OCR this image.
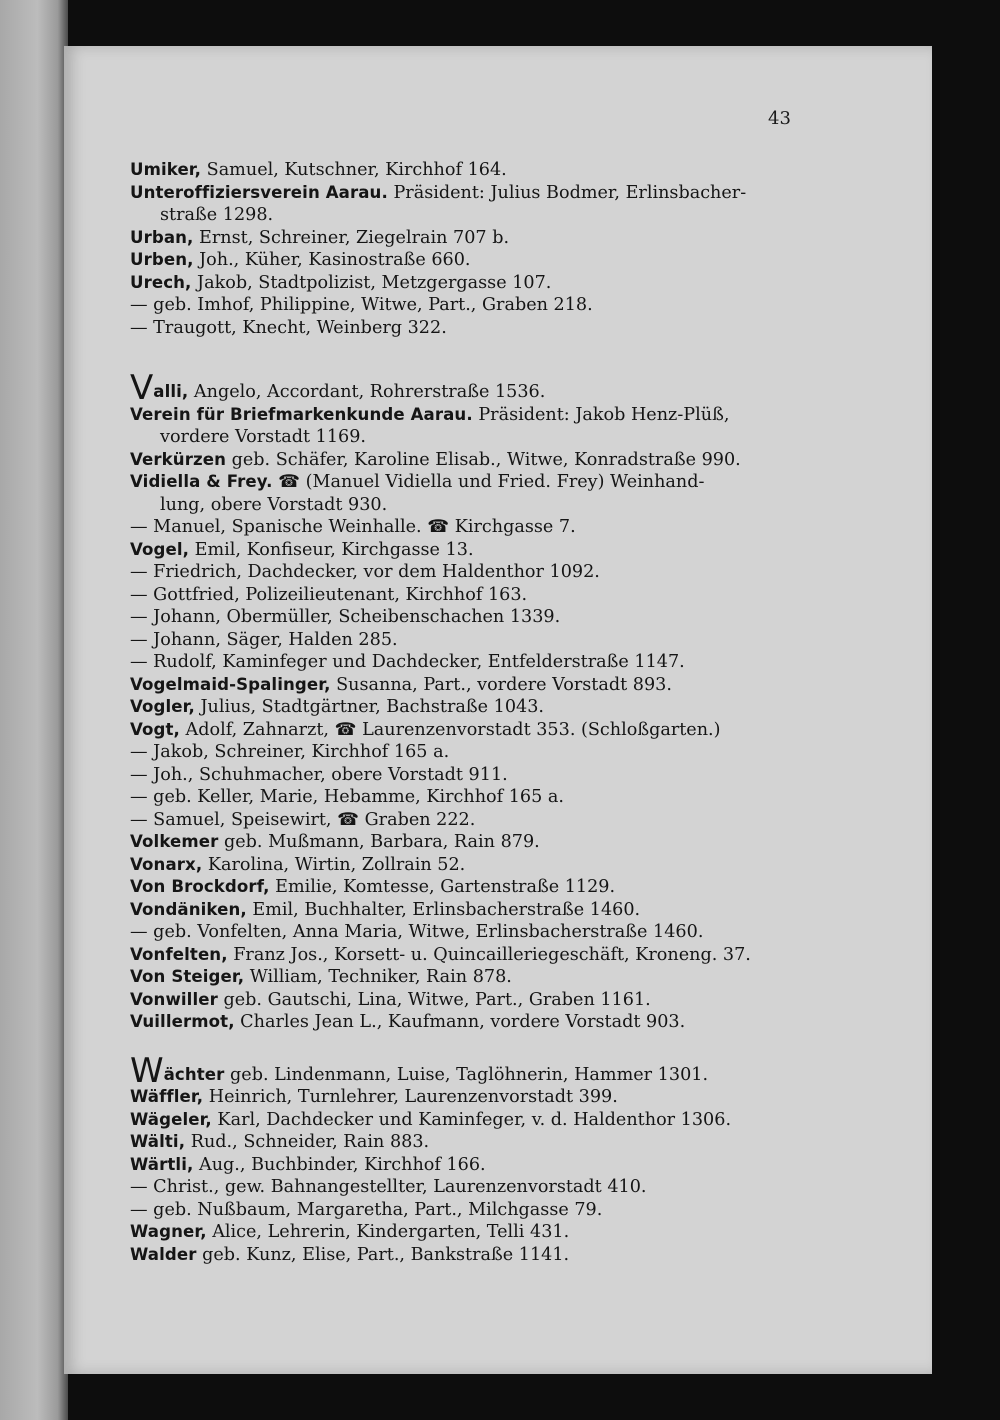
43
Umiker, Samuel, Kutschner, Kirchhof 164.
Unteroffiziersverein Aarau. Präsident: Julius Bodmer, Erlinsbacher-
straße 1298.
Urban, Ernst, Schreiner, Ziegelrain 707 b.
Urben, Joh., Küher, Kasinostraße 660.
Urech, Jakob, Stadtpolizist, Metzgergasse 107.
— geb. Imhof, Philippine, Witwe, Part., Graben 218.
— Traugott, Knecht, Weinberg 322.
Valli, Angelo, Accordant, Rohrerstraße 1536.
Verein für Briefmarkenkunde Aarau. Präsident: Jakob Henz-Plüß,
vordere Vorstadt 1169.
Verkürzen geb. Schäfer, Karoline Elisab., Witwe, Konradstraße 990.
Vidiella & Frey. ☎ (Manuel Vidiella und Fried. Frey) Weinhand-
lung, obere Vorstadt 930.
— Manuel, Spanische Weinhalle. ☎ Kirchgasse 7.
Vogel, Emil, Konfiseur, Kirchgasse 13.
— Friedrich, Dachdecker, vor dem Haldenthor 1092.
— Gottfried, Polizeilieutenant, Kirchhof 163.
— Johann, Obermüller, Scheibenschachen 1339.
— Johann, Säger, Halden 285.
— Rudolf, Kaminfeger und Dachdecker, Entfelderstraße 1147.
Vogelmaid-Spalinger, Susanna, Part., vordere Vorstadt 893.
Vogler, Julius, Stadtgärtner, Bachstraße 1043.
Vogt, Adolf, Zahnarzt, ☎ Laurenzenvorstadt 353. (Schloßgarten.)
— Jakob, Schreiner, Kirchhof 165 a.
— Joh., Schuhmacher, obere Vorstadt 911.
— geb. Keller, Marie, Hebamme, Kirchhof 165 a.
— Samuel, Speisewirt, ☎ Graben 222.
Volkemer geb. Mußmann, Barbara, Rain 879.
Vonarx, Karolina, Wirtin, Zollrain 52.
Von Brockdorf, Emilie, Komtesse, Gartenstraße 1129.
Vondäniken, Emil, Buchhalter, Erlinsbacherstraße 1460.
— geb. Vonfelten, Anna Maria, Witwe, Erlinsbacherstraße 1460.
Vonfelten, Franz Jos., Korsett- u. Quincailleriegeschäft, Kroneng. 37.
Von Steiger, William, Techniker, Rain 878.
Vonwiller geb. Gautschi, Lina, Witwe, Part., Graben 1161.
Vuillermot, Charles Jean L., Kaufmann, vordere Vorstadt 903.
Wächter geb. Lindenmann, Luise, Taglöhnerin, Hammer 1301.
Wäffler, Heinrich, Turnlehrer, Laurenzenvorstadt 399.
Wägeler, Karl, Dachdecker und Kaminfeger, v. d. Haldenthor 1306.
Wälti, Rud., Schneider, Rain 883.
Wärtli, Aug., Buchbinder, Kirchhof 166.
— Christ., gew. Bahnangestellter, Laurenzenvorstadt 410.
— geb. Nußbaum, Margaretha, Part., Milchgasse 79.
Wagner, Alice, Lehrerin, Kindergarten, Telli 431.
Walder geb. Kunz, Elise, Part., Bankstraße 1141.
